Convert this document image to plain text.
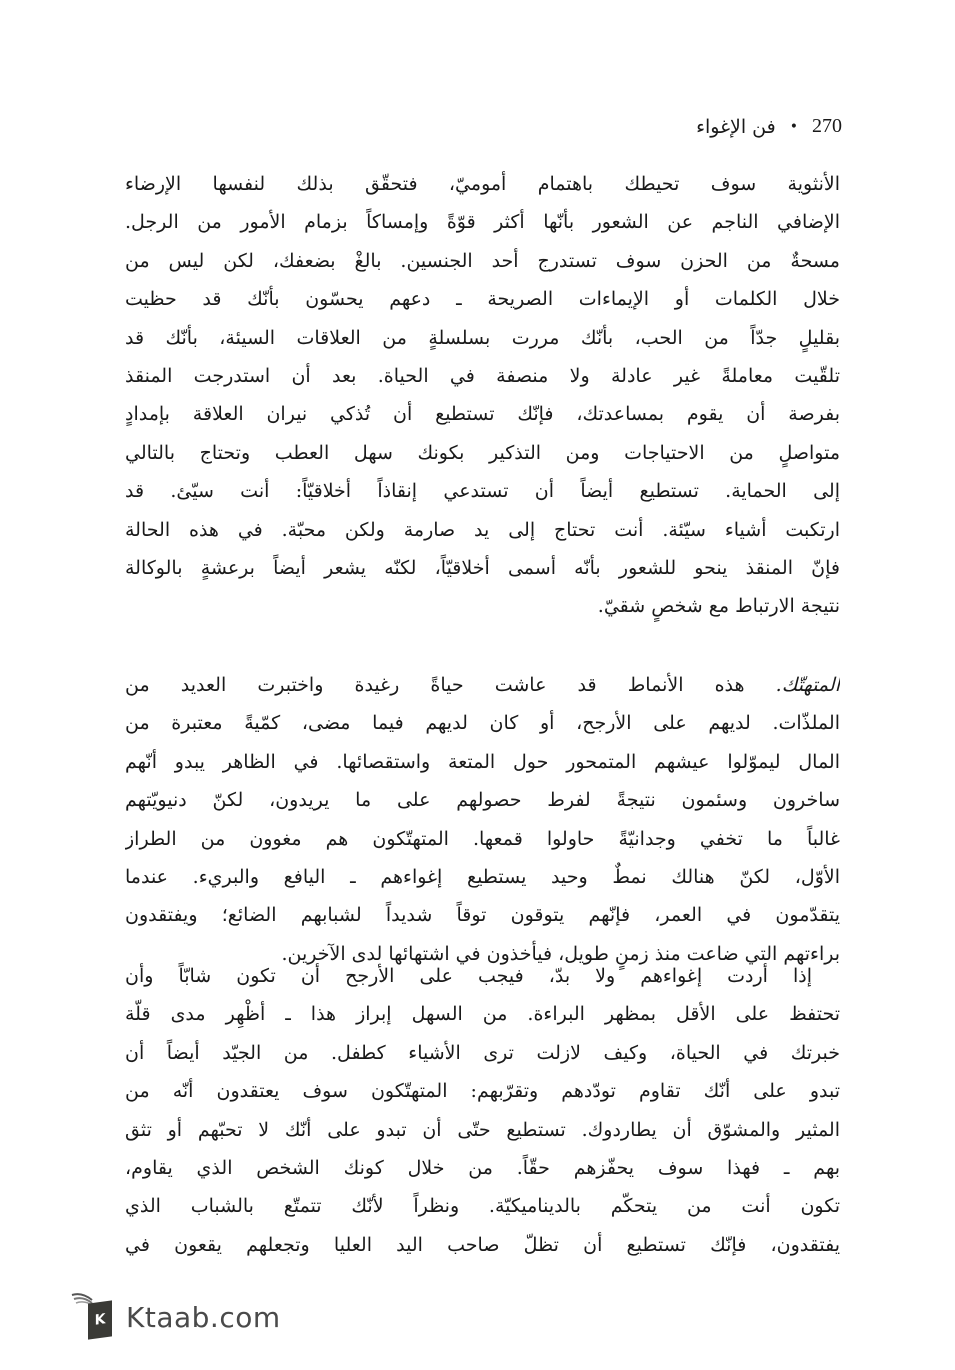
270
•
فن الإغواء
الأنثوية سوف تحيطك باهتمام أموميّ، فتحقّق بذلك لنفسها الإرضاء
الإضافي الناجم عن الشعور بأنّها أكثر قوّةً وإمساكاً بزمام الأمور من الرجل.
مسحةٌ من الحزن سوف تستدرج أحد الجنسين. بالغْ بضعفك، لكن ليس من
خلال الكلمات أو الإيماءات الصريحة ـ دعهم يحسّون بأنّك قد حظيت
بقليلٍ جدّاً من الحب، بأنّك مررت بسلسلةٍ من العلاقات السيئة، بأنّك قد
تلقّيت معاملةً غير عادلة ولا منصفة في الحياة. بعد أن استدرجت المنقذ
بفرصة أن يقوم بمساعدتك، فإنّك تستطيع أن تُذكي نيران العلاقة بإمدادٍ
متواصلٍ من الاحتياجات ومن التذكير بكونك سهل العطب وتحتاج بالتالي
إلى الحماية. تستطيع أيضاً أن تستدعي إنقاذاً أخلاقيّاً: أنت سيّئ. قد
ارتكبت أشياء سيّئة. أنت تحتاج إلى يد صارمة ولكن محبّة. في هذه الحالة
فإنّ المنقذ ينحو للشعور بأنّه أسمى أخلاقيّاً، لكنّه يشعر أيضاً برعشةٍ بالوكالة
نتيجة الارتباط مع شخصٍ شقيّ.
المتهتّك. هذه الأنماط قد عاشت حياةً رغيدة واختبرت العديد من
الملذّات. لديهم على الأرجح، أو كان لديهم فيما مضى، كمّيةً معتبرة من
المال ليموّلوا عيشهم المتمحور حول المتعة واستقصائها. في الظاهر يبدو أنّهم
ساخرون وسئمون نتيجةً لفرط حصولهم على ما يريدون، لكنّ دنيويّتهم
غالباً ما تخفي وجدانيّةً حاولوا قمعها. المتهتّكون هم مغوون من الطراز
الأوّل، لكنّ هنالك نمطٌ وحيد يستطيع إغواءهم ـ اليافع والبريء. عندما
يتقدّمون في العمر، فإنّهم يتوقون توقاً شديداً لشبابهم الضائع؛ ويفتقدون
براءتهم التي ضاعت منذ زمنٍ طويل، فيأخذون في اشتهائها لدى الآخرين.
إذا أردت إغواءهم ولا بدّ، فيجب على الأرجح أن تكون شابّاً وأن
تحتفظ على الأقل بمظهر البراءة. من السهل إبراز هذا ـ أظْهِر مدى قلّة
خبرتك في الحياة، وكيف لازلت ترى الأشياء كطفل. من الجيّد أيضاً أن
تبدو على أنّك تقاوم تودّدهم وتقرّبهم: المتهتّكون سوف يعتقدون أنّه من
المثير والمشوّق أن يطاردوك. تستطيع حتّى أن تبدو على أنّك لا تحبّهم أو تثق
بهم ـ فهذا سوف يحفّزهم حقّاً. من خلال كونك الشخص الذي يقاوم،
تكون أنت من يتحكّم بالديناميكيّة. ونظراً لأنّك تتمتّع بالشباب الذي
يفتقدون، فإنّك تستطيع أن تظلّ صاحب اليد العليا وتجعلهم يقعون في
K Ktaab.com
